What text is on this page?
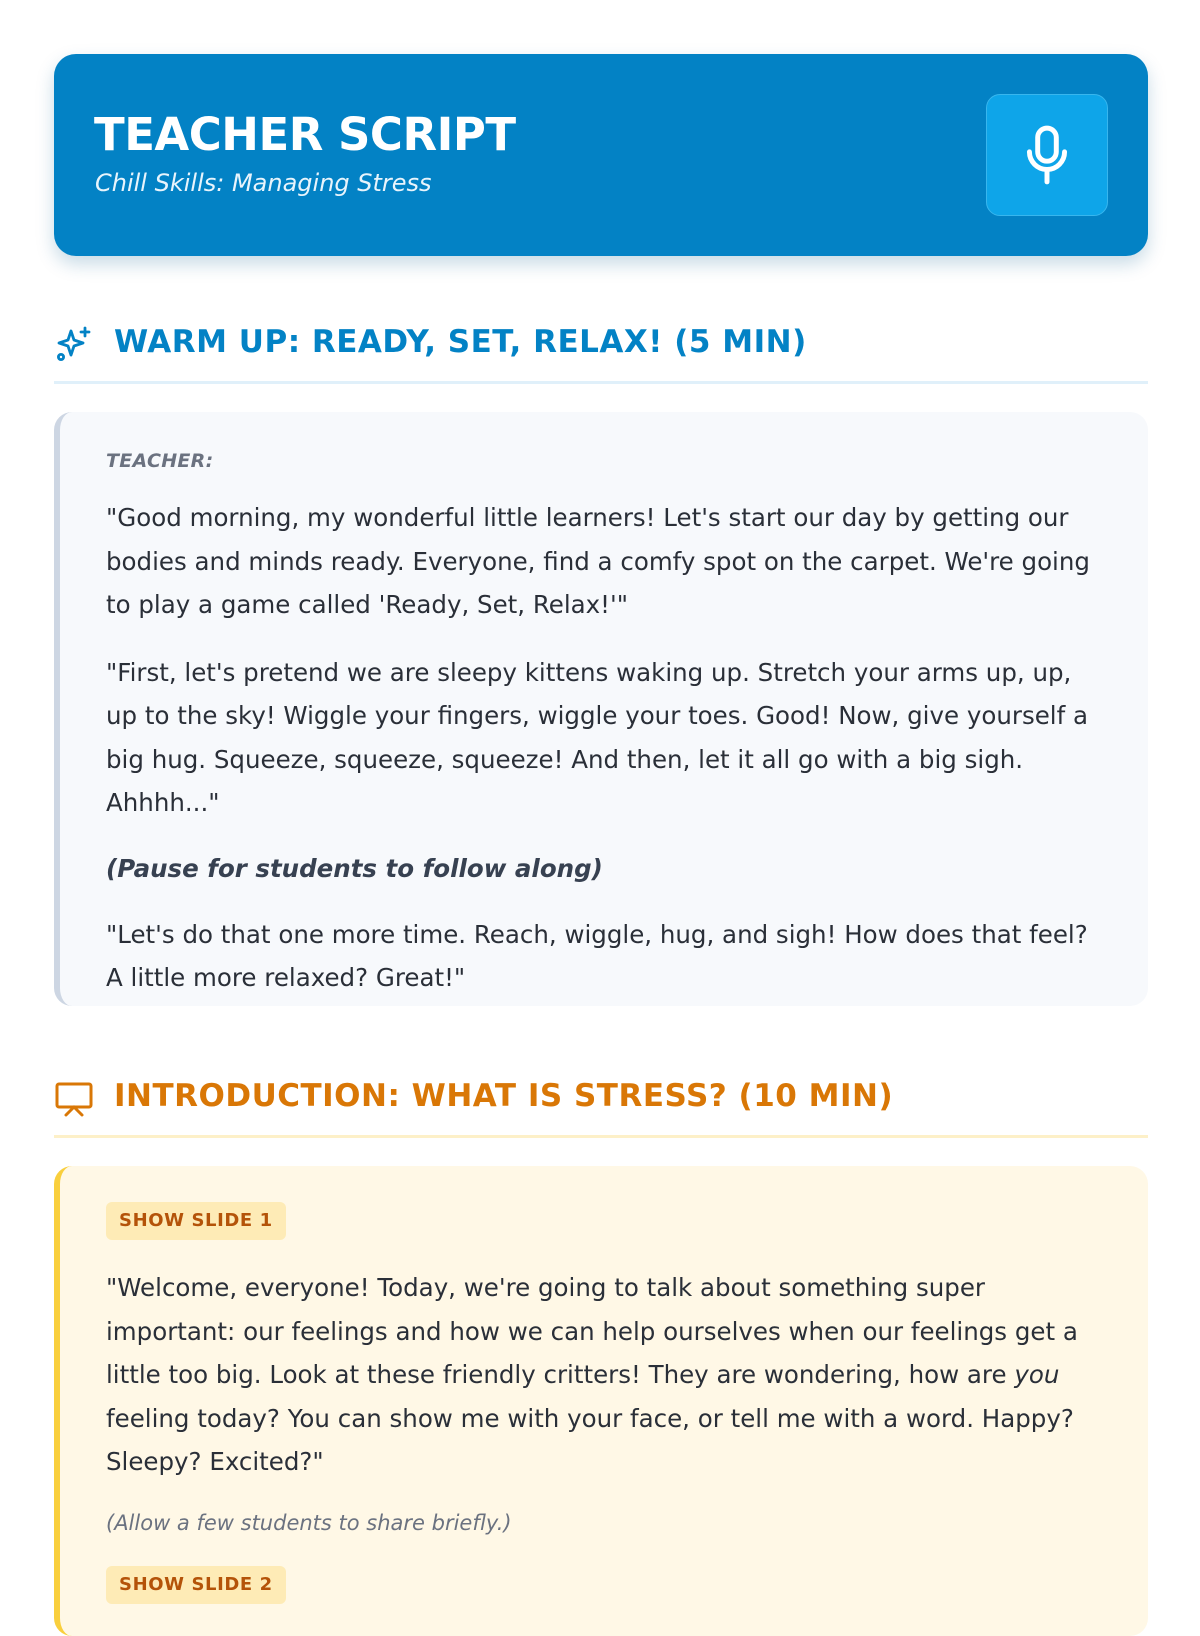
TEACHER SCRIPT

Chill Skills: Managing Stress

WARM UP: READY, SET, RELAX! (5 MIN)

TEACHER:

"Good morning, my wonderful little learners! Let's start our day by getting our bodies and minds ready. Everyone, find a comfy spot on the carpet. We're going to play a game called 'Ready, Set, Relax!'"

"First, let's pretend we are sleepy kittens waking up. Stretch your arms up, up, up to the sky! Wiggle your fingers, wiggle your toes. Good! Now, give yourself a big hug. Squeeze, squeeze, squeeze! And then, let it all go with a big sigh. Ahhhh..."

(Pause for students to follow along)

"Let's do that one more time. Reach, wiggle, hug, and sigh! How does that feel? A little more relaxed? Great!"

INTRODUCTION: WHAT IS STRESS? (10 MIN)
SHOW SLIDE 1

"Welcome, everyone! Today, we're going to talk about something super important: our feelings and how we can help ourselves when our feelings get a little too big. Look at these friendly critters! They are wondering, how are you feeling today? You can show me with your face, or tell me with a word. Happy? Sleepy? Excited?"

(Allow a few students to share briefly.)

SHOW SLIDE 2
